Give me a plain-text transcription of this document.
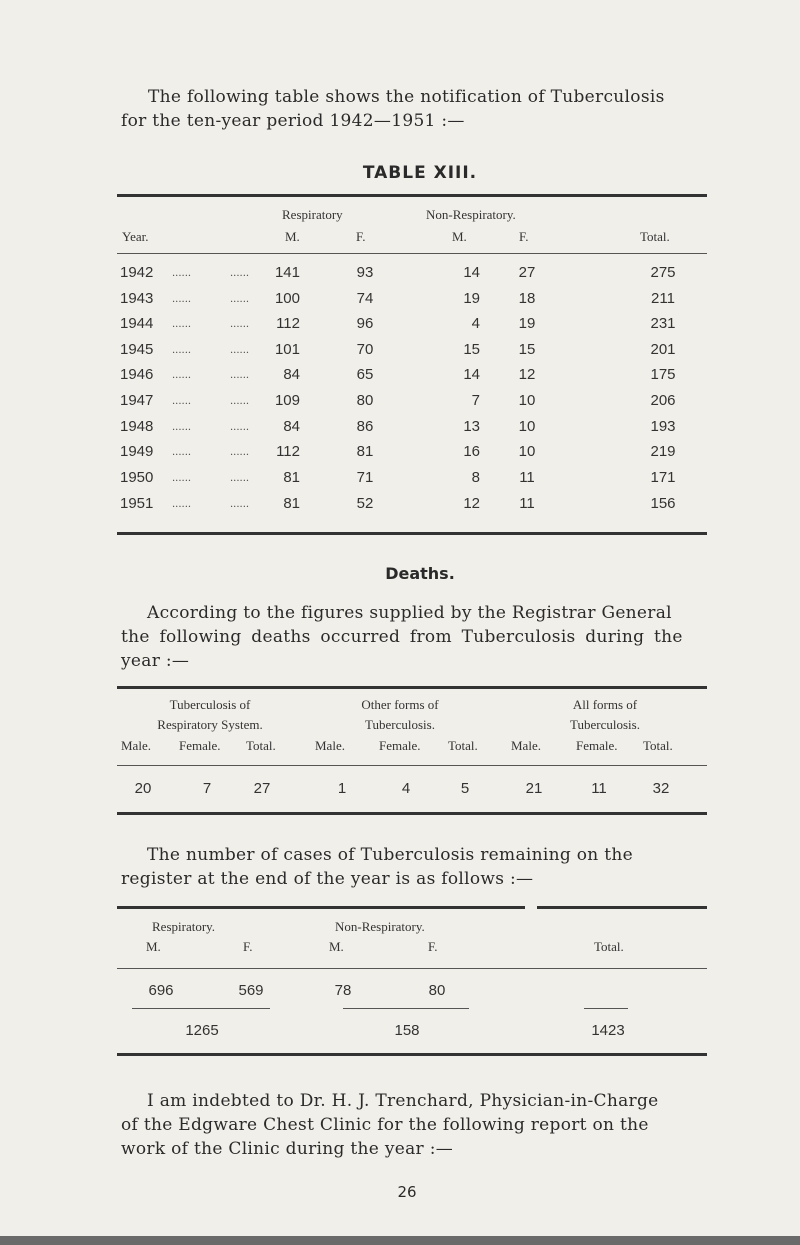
The following table shows the notification of Tuberculosis
for the ten-year period 1942—1951 :—
TABLE XIII.
Respiratory	Non-Respiratory.
Year.	M.	F.	M.	F.	Total.
1942 ......	......	141	93	14	27	275
1943 ......	......	100	74	19	18	211
1944 ......	......	112	96	4	19	231
1945 ......	......	101	70	15	15	201
1946 ......	......	84	65	14	12	175
1947 ......	......	109	80	7	10	206
1948 ......	......	84	86	13	10	193
1949 ......	......	112	81	16	10	219
1950 ......	......	81	71	8	11	171
1951 ......	......	81	52	12	11	156
Deaths.
According to the figures supplied by the Registrar General
the following deaths occurred from Tuberculosis during the
year :—
Tuberculosis of
Respiratory System.
Other forms of
Tuberculosis.
All forms of
Tuberculosis.
Male. Female. Total.	Male.	Female. Total.	Male.	Female. Total.
20	7	27	1	4	5	21	11	32
The number of cases of Tuberculosis remaining on the
register at the end of the year is as follows :—
Respiratory.	Non-Respiratory.
M.	F.	M.	F.	Total.
696	569	78	80
1265	158	1423
I am indebted to Dr. H. J. Trenchard, Physician-in-Charge
of the Edgware Chest Clinic for the following report on the
work of the Clinic during the year :—
26
